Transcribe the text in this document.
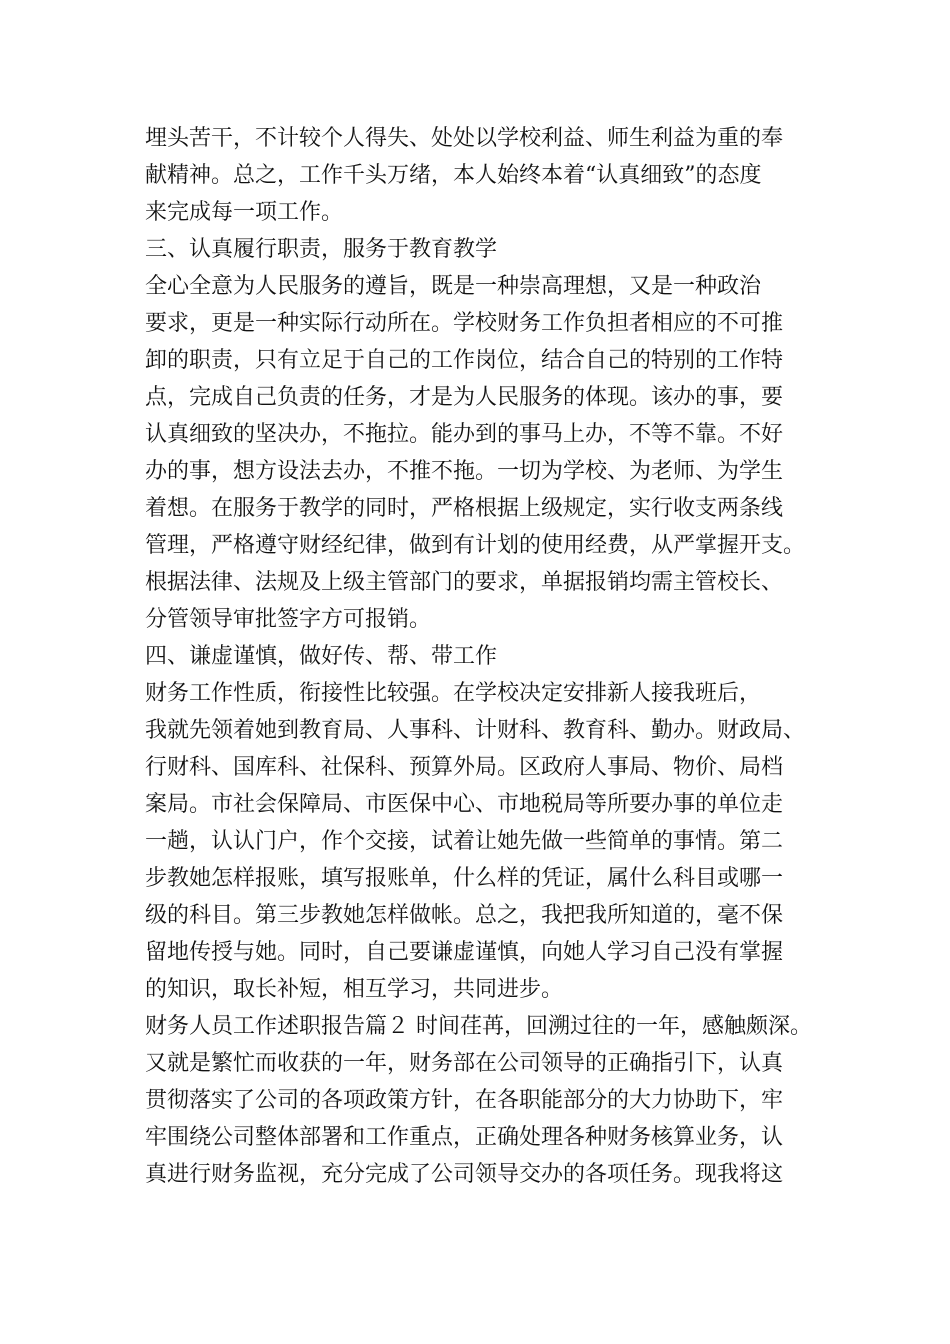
埋头苦干，不计较个人得失、处处以学校利益、师生利益为重的奉
献精神。总之，工作千头万绪，本人始终本着“认真细致”的态度
来完成每一项工作。
三、认真履行职责，服务于教育教学
全心全意为人民服务的遵旨，既是一种崇高理想，又是一种政治
要求，更是一种实际行动所在。学校财务工作负担者相应的不可推
卸的职责，只有立足于自己的工作岗位，结合自己的特别的工作特
点，完成自己负责的任务，才是为人民服务的体现。该办的事，要
认真细致的坚决办，不拖拉。能办到的事马上办，不等不靠。不好
办的事，想方设法去办，不推不拖。一切为学校、为老师、为学生
着想。在服务于教学的同时，严格根据上级规定，实行收支两条线
管理，严格遵守财经纪律，做到有计划的使用经费，从严掌握开支。
根据法律、法规及上级主管部门的要求，单据报销均需主管校长、
分管领导审批签字方可报销。
四、谦虚谨慎，做好传、帮、带工作
财务工作性质，衔接性比较强。在学校决定安排新人接我班后，
我就先领着她到教育局、人事科、计财科、教育科、勤办。财政局、
行财科、国库科、社保科、预算外局。区政府人事局、物价、局档
案局。市社会保障局、市医保中心、市地税局等所要办事的单位走
一趟，认认门户，作个交接，试着让她先做一些简单的事情。第二
步教她怎样报账，填写报账单，什么样的凭证，属什么科目或哪一
级的科目。第三步教她怎样做帐。总之，我把我所知道的，毫不保
留地传授与她。同时，自己要谦虚谨慎，向她人学习自己没有掌握
的知识，取长补短，相互学习，共同进步。
财务人员工作述职报告篇２ 时间荏苒，回溯过往的一年，感触颇深。
又就是繁忙而收获的一年，财务部在公司领导的正确指引下，认真
贯彻落实了公司的各项政策方针，在各职能部分的大力协助下，牢
牢围绕公司整体部署和工作重点，正确处理各种财务核算业务，认
真进行财务监视，充分完成了公司领导交办的各项任务。现我将这
